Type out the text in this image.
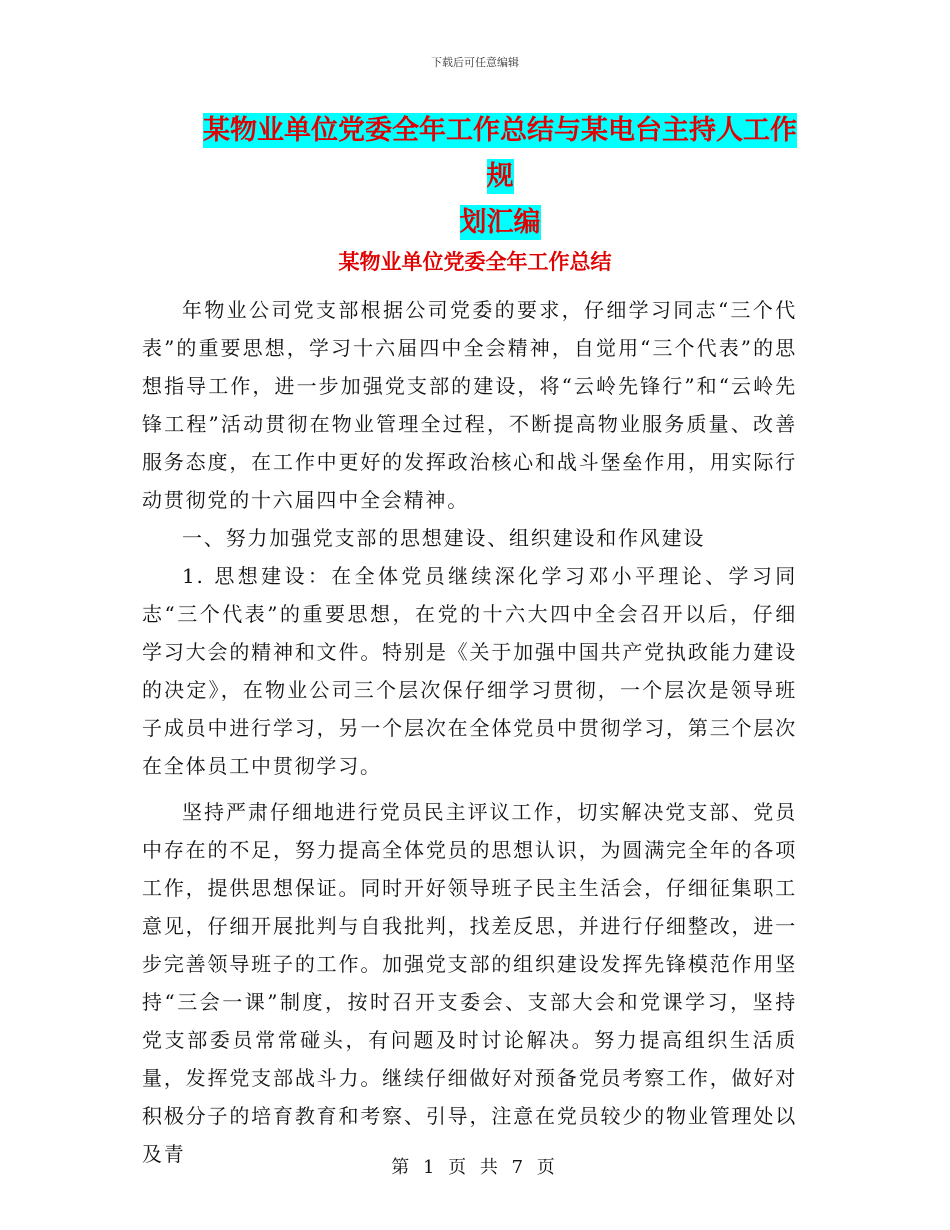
下载后可任意编辑
某物业单位党委全年工作总结与某电台主持人工作规
划汇编
某物业单位党委全年工作总结

年物业公司党支部根据公司党委的要求，仔细学习同志“三个代表”的重要思想，学习十六届四中全会精神，自觉用“三个代表”的思想指导工作，进一步加强党支部的建设，将“云岭先锋行”和“云岭先锋工程”活动贯彻在物业管理全过程，不断提高物业服务质量、改善服务态度，在工作中更好的发挥政治核心和战斗堡垒作用，用实际行动贯彻党的十六届四中全会精神。

一、努力加强党支部的思想建设、组织建设和作风建设

1. 思想建设：在全体党员继续深化学习邓小平理论、学习同志“三个代表”的重要思想，在党的十六大四中全会召开以后，仔细学习大会的精神和文件。特别是《关于加强中国共产党执政能力建设的决定》，在物业公司三个层次保仔细学习贯彻，一个层次是领导班子成员中进行学习，另一个层次在全体党员中贯彻学习，第三个层次在全体员工中贯彻学习。

坚持严肃仔细地进行党员民主评议工作，切实解决党支部、党员中存在的不足，努力提高全体党员的思想认识，为圆满完全年的各项工作，提供思想保证。同时开好领导班子民主生活会，仔细征集职工意见，仔细开展批判与自我批判，找差反思，并进行仔细整改，进一步完善领导班子的工作。加强党支部的组织建设发挥先锋模范作用坚持“三会一课”制度，按时召开支委会、支部大会和党课学习，坚持党支部委员常常碰头，有问题及时讨论解决。努力提高组织生活质量，发挥党支部战斗力。继续仔细做好对预备党员考察工作，做好对积极分子的培育教育和考察、引导，注意在党员较少的物业管理处以及青

第 1 页 共 7 页
